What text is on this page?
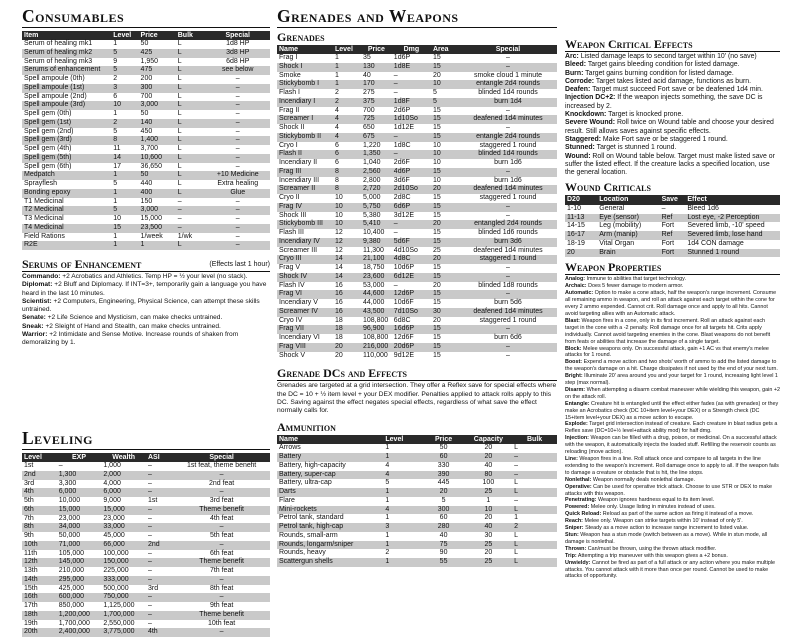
Consumables
Item	Level	Price	Bulk	Special
Serum of healing mk1	1	50	L	1d8 HP
Serum of healing mk2	5	425	L	3d8 HP
Serum of healing mk3	9	1,950	L	6d8 HP
Serums of enhancement	5	475	L	see below
Spell ampoule (0th)	2	200	L	–
Spell ampoule (1st)	3	300	L	–
Spell ampoule (2nd)	6	700	L	–
Spell ampoule (3rd)	10	3,000	L	–
Spell gem (0th)	1	50	L	–
Spell gem (1st)	2	140	L	–
Spell gem (2nd)	5	450	L	–
Spell gem (3rd)	8	1,400	L	–
Spell gem (4th)	11	3,700	L	–
Spell gem (5th)	14	10,600	L	–
Spell gem (6th)	17	36,650	L	–
Medpatch	1	50	L	+10 Medicine
Sprayflesh	5	440	L	Extra healing
Bonding epoxy	1	400	L	Glue
T1 Medicinal	1	150	–	–
T2 Medicinal	5	3,000	–	–
T3 Medicinal	10	15,000	–	–
T4 Medicinal	15	23,500	–	–
Field Rations	1	1/week	1/wk	–
R2E	1	1	L	–
Serums of Enhancement	(Effects last 1 hour)

Commando: +2 Acrobatics and Athletics. Temp HP = ½ your level (no stack).

Diplomat: +2 Bluff and Diplomacy. If INT=3+, temporarily gain a language you have heard in the last 10 minutes.

Scientist: +2 Computers, Engineering, Physical Science, can attempt these skills untrained.

Senate: +2 Life Science and Mysticism, can make checks untrained.

Sneak: +2 Sleight of Hand and Stealth, can make checks untrained.

Warrior: +2 Intimidate and Sense Motive. Increase rounds of shaken from demoralizing by 1.

Leveling
Level	EXP	Wealth	ASI	Special
1st	–	1,000	–	1st feat, theme benefit
2nd	1,300	2,000	–	–
3rd	3,300	4,000	–	2nd feat
4th	6,000	6,000	–	–
5th	10,000	9,000	1st	3rd feat
6th	15,000	15,000	–	Theme benefit
7th	23,000	23,000	–	4th feat
8th	34,000	33,000	–	–
9th	50,000	45,000	–	5th feat
10th	71,000	66,000	2nd	–
11th	105,000	100,000	–	6th feat
12th	145,000	150,000	–	Theme benefit
13th	210,000	225,000	–	7th feat
14th	295,000	333,000	–	–
15th	425,000	500,000	3rd	8th feat
16th	600,000	750,000	–	–
17th	850,000	1,125,000	–	9th feat
18th	1,200,000	1,700,000	–	Theme benefit
19th	1,700,000	2,550,000	–	10th feat
20th	2,400,000	3,775,000	4th	–
Grenades and Weapons
Grenades
Name	Level	Price	Dmg	Area	Special
Frag I	1	35	1d6P	15	–
Shock I	1	130	1d8E	15	–
Smoke	1	40	–	20	smoke cloud 1 minute
Stickybomb I	1	170	–	10	entangle 2d4 rounds
Flash I	2	275	–	5	blinded 1d4 rounds
Incendiary I	2	375	1d8F	5	burn 1d4
Frag II	4	700	2d6P	15	–
Screamer I	4	725	1d10So	15	deafened 1d4 minutes
Shock II	4	650	1d12E	15	–
Stickybomb II	4	675	–	15	entangle 2d4 rounds
Cryo I	6	1,220	1d8C	10	staggered 1 round
Flash II	6	1,350	–	10	blinded 1d4 rounds
Incendiary II	6	1,040	2d6F	10	burn 1d6
Frag III	8	2,560	4d6P	15	–
Incendiary III	8	2,800	3d6F	10	burn 1d6
Screamer II	8	2,720	2d10So	20	deafened 1d4 minutes
Cryo II	10	5,000	2d8C	15	staggered 1 round
Frag IV	10	5,750	6d6P	15	–
Shock III	10	5,380	3d12E	15	–
Stickybomb III	10	5,410	–	20	entangled 2d4 rounds
Flash III	12	10,400	–	15	blinded 1d6 rounds
Incendiary IV	12	9,380	5d6F	15	burn 3d6
Screamer III	12	11,300	4d10So	25	deafened 1d4 minutes
Cryo III	14	21,100	4d8C	20	staggered 1 round
Frag V	14	18,750	10d6P	15	–
Shock IV	14	23,600	6d12E	15	–
Flash IV	16	53,000	–	20	blinded 1d8 rounds
Frag VI	16	44,600	12d6P	15	–
Incendiary V	16	44,000	10d6F	15	burn 5d6
Screamer IV	16	43,500	7d10So	30	deafened 1d4 minutes
Cryo IV	18	108,800	6d8C	20	staggered 1 round
Frag VII	18	96,900	16d6P	15	–
Incendiary VI	18	108,800	12d6F	15	burn 6d6
Frag VIII	20	216,000	20d6P	15	–
Shock V	20	110,000	9d12E	15	–
Grenade DCs and Effects

Grenades are targeted at a grid intersection. They offer a Reflex save for special effects where the DC = 10 + ½ item level + your DEX modifier. Penalties applied to attack rolls apply to this DC. Saving against the effect negates special effects, regardless of what save the effect normally calls for.

Ammunition
Name	Level	Price	Capacity	Bulk
Arrows	1	50	20	L
Battery	1	60	20	–
Battery, high-capacity	4	330	40	–
Battery, super-cap	4	390	80	–
Battery, ultra-cap	5	445	100	L
Darts	1	20	25	L
Flare	1	5	1	–
Mini-rockets	4	300	10	L
Petrol tank, standard	1	60	20	1
Petrol tank, high-cap	3	280	40	2
Rounds, small-arm	1	40	30	L
Rounds, longarm/sniper	1	75	25	L
Rounds, heavy	2	90	20	L
Scattergun shells	1	55	25	L
Weapon Critical Effects

Arc: Listed damage leaps to second target within 10' (no save)

Bleed: Target gains bleeding condition for listed damage.

Burn: Target gains burning condition for listed damage.

Corrode: Target takes listed acid damage, functions as burn.

Deafen: Target must succeed Fort save or be deafened 1d4 min.

Injection DC+2: If the weapon injects something, the save DC is increased by 2.

Knockdown: Target is knocked prone.

Severe Wound: Roll twice on Wound table and choose your desired result. Still allows saves against specific effects.

Staggered: Make Fort save or be staggered 1 round.

Stunned: Target is stunned 1 round.

Wound: Roll on Wound table below. Target must make listed save or suffer the listed effect. If the creature lacks a specified location, use the general location.

Wound Criticals
D20	Location	Save	Effect
1-10	General	–	Bleed 1d6
11-13	Eye (sensor)	Ref	Lost eye, -2 Perception
14-15	Leg (mobility)	Fort	Severed limb, -10' speed
16-17	Arm (manip)	Ref	Severed limb, lose hand
18-19	Vital Organ	Fort	1d4 CON damage
20	Brain	Fort	Stunned 1 round
Weapon Properties

Analog: Immune to abilities that target technology.

Archaic: Does 5 fewer damage to modern armor.

Automatic: Option to make a cone attack, half the weapon's range increment. Consume all remaining ammo in weapon, and roll an attack against each target within the cone for every 2 ammo expended. Cannot crit. Roll damage once and apply to all hits. Cannot avoid targeting allies with an Automatic attack.

Blast: Weapon fires in a cone, only in its first increment. Roll an attack against each target in the cone with a -2 penalty. Roll damage once for all targets hit. Crits apply individually. Cannot avoid targeting enemies in the cone. Blast weapons do not benefit from feats or abilities that increase the damage of a single target.

Block: Melee weapons only. On successful attack, gain +1 AC vs that enemy's melee attacks for 1 round.

Boost: Expend a move action and two shots' worth of ammo to add the listed damage to the weapon's damage on a hit. Charge dissipates if not used by the end of your next turn.

Bright: Illuminate 20' area around you and your target for 1 round, increasing light level 1 step (max normal).

Disarm: When attempting a disarm combat maneuver while wielding this weapon, gain +2 on the attack roll.

Entangle: Creature hit is entangled until the effect either fades (as with grenades) or they make an Acrobatics check (DC 10+item level+your DEX) or a Strength check (DC 15+item level+your DEX) as a move action to escape.

Explode: Target grid intersection instead of creature. Each creature in blast radius gets a Reflex save (DC=10+½ level+attack ability mod) for half dmg.

Injection: Weapon can be filled with a drug, poison, or medicinal. On a successful attack with the weapon, it automatically injects the loaded stuff. Refilling the reservoir counts as reloading (move action).

Line: Weapon fires in a line. Roll attack once and compare to all targets in the line extending to the weapon's increment. Roll damage once to apply to all. If the weapon fails to damage a creature or obstacle that is hit, the line stops.

Nonlethal: Weapon normally deals nonlethal damage.

Operative: Can be used for operative trick attack. Choose to use STR or DEX to make attacks with this weapon.

Penetrating: Weapon ignores hardness equal to its item level.

Powered: Melee only. Usage listing in minutes instead of uses.

Quick Reload: Reload as part of the same action as firing it instead of a move.

Reach: Melee only. Weapon can strike targets within 10' instead of only 5'.

Sniper: Steady as a move action to increase range increment to listed value.

Stun: Weapon has a stun mode (switch between as a move). While in stun mode, all damage is nonlethal.

Thrown: Can/must be thrown, using the thrown attack modifier.

Trip: Attempting a trip maneuver with this weapon gives a +2 bonus.

Unwieldy: Cannot be fired as part of a full attack or any action where you make multiple attacks. You cannot attack with it more than once per round. Cannot be used to make attacks of opportunity.
